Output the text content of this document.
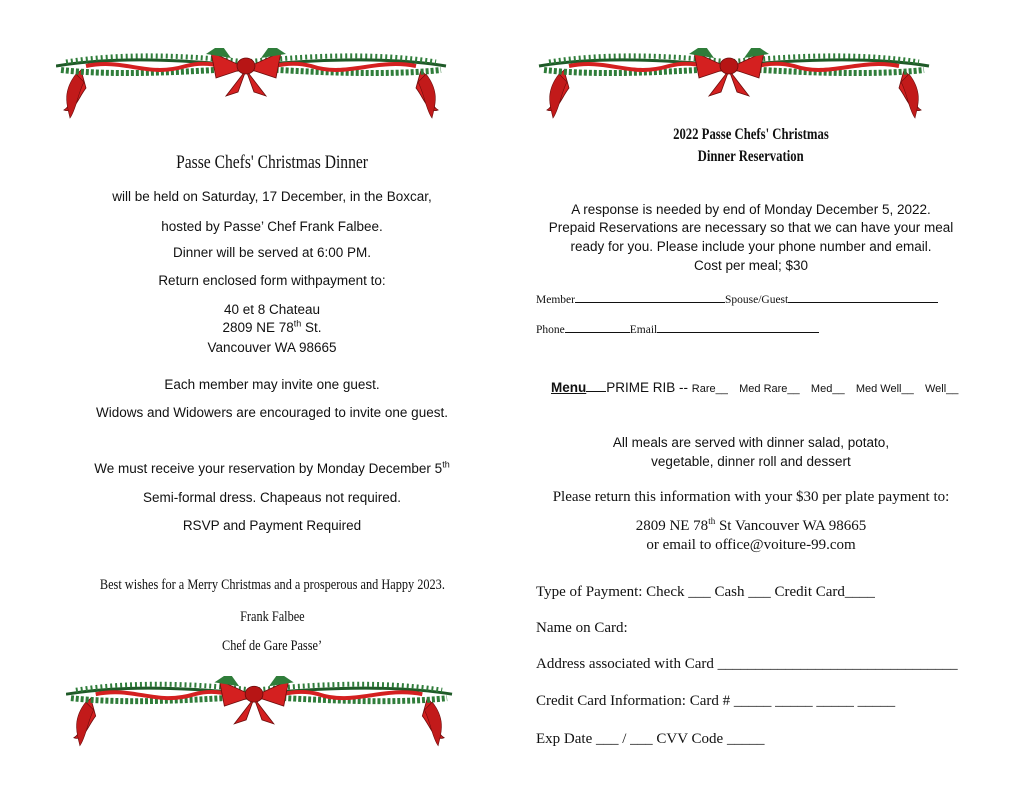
Passe Chefs' Christmas Dinner
will be held on Saturday, 17 December, in the Boxcar,
hosted by Passe’ Chef Frank Falbee.
Dinner will be served at 6:00 PM.
Return enclosed form withpayment to:
40 et 8 Chateau
2809 NE 78th St.
Vancouver WA 98665
Each member may invite one guest.
Widows and Widowers are encouraged to invite one guest.
We must receive your reservation by Monday December 5th
Semi-formal dress. Chapeaus not required.
RSVP and Payment Required
Best wishes for a Merry Christmas and a prosperous and Happy 2023.
Frank Falbee
Chef de Gare Passe’
2022 Passe Chefs' Christmas
Dinner Reservation
A response is needed by end of Monday December 5, 2022.
Prepaid Reservations are necessary so that we can have your meal
ready for you. Please include your phone number and email.
Cost per meal; $30
Member	Spouse/Guest
Phone	Email
Menu PRIME RIB -- Rare__ Med Rare__ Med__ Med Well__ Well__
All meals are served with dinner salad, potato,
vegetable, dinner roll and dessert
Please return this information with your $30 per plate payment to:
2809 NE 78th St Vancouver WA 98665
or email to office@voiture-99.com
Type of Payment: Check ___ Cash ___ Credit Card____
Name on Card:
Address associated with Card ________________________________
Credit Card Information: Card # _____ _____ _____ _____
Exp Date ___ / ___ CVV Code _____
